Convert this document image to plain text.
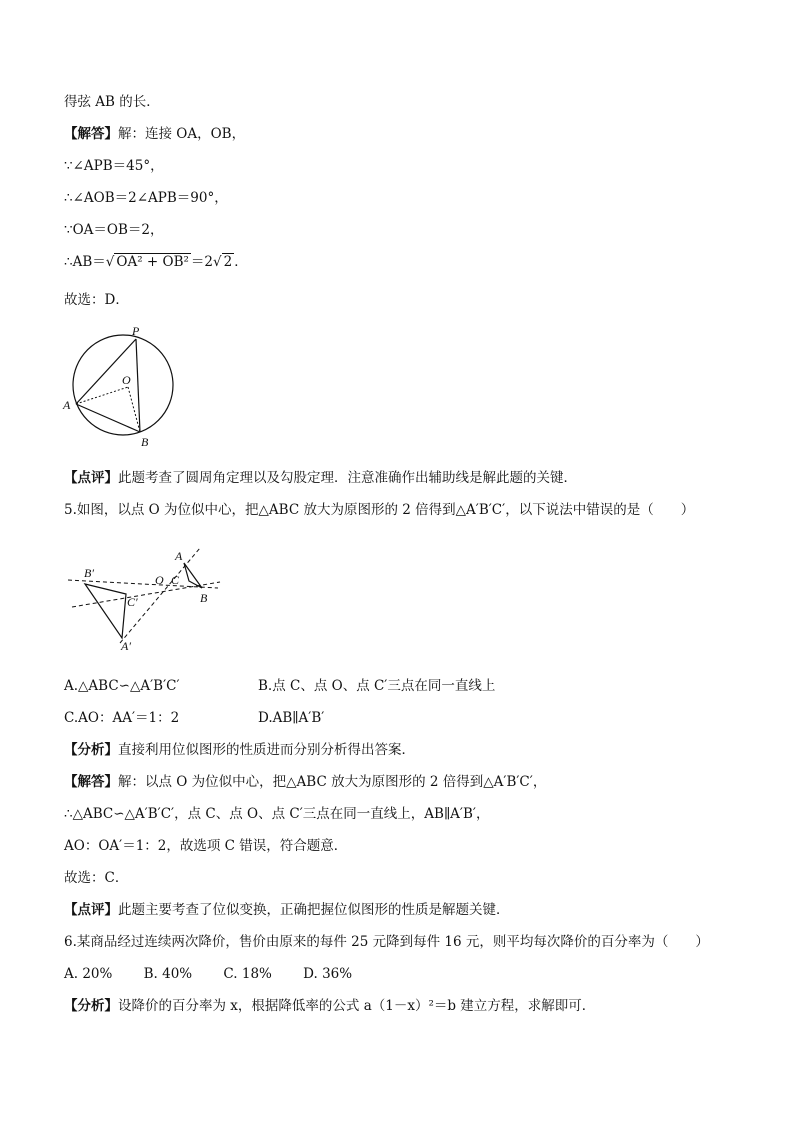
得弦 AB 的长．
【解答】解：连接 OA，OB，
∵∠APB＝45°，
∴∠AOB＝2∠APB＝90°，
∵OA＝OB＝2，
∴AB＝√ OA² + OB² ＝2√ 2 ．
故选：D．
P
O
A
B
【点评】此题考查了圆周角定理以及勾股定理．注意准确作出辅助线是解此题的关键．
5.如图，以点 O 为位似中心，把△ABC 放大为原图形的 2 倍得到△A′B′C′，以下说法中错误的是（　　）
B′
C′
A′
O C
A
B
A.△ABC∽△A′B′C′	B.点 C、点 O、点 C′三点在同一直线上
C.AO：AA′＝1：2	D.AB∥A′B′
【分析】直接利用位似图形的性质进而分别分析得出答案．
【解答】解：以点 O 为位似中心，把△ABC 放大为原图形的 2 倍得到△A′B′C′，
∴△ABC∽△A′B′C′，点 C、点 O、点 C′三点在同一直线上，AB∥A′B′，
AO：OA′＝1：2，故选项 C 错误，符合题意．
故选：C．
【点评】此题主要考查了位似变换，正确把握位似图形的性质是解题关键．
6.某商品经过连续两次降价，售价由原来的每件 25 元降到每件 16 元，则平均每次降价的百分率为（　　）
A. 20%　　 B. 40%　　 C. 18%　　 D. 36%
【分析】设降价的百分率为 x，根据降低率的公式 a（1－x）²＝b 建立方程，求解即可．
